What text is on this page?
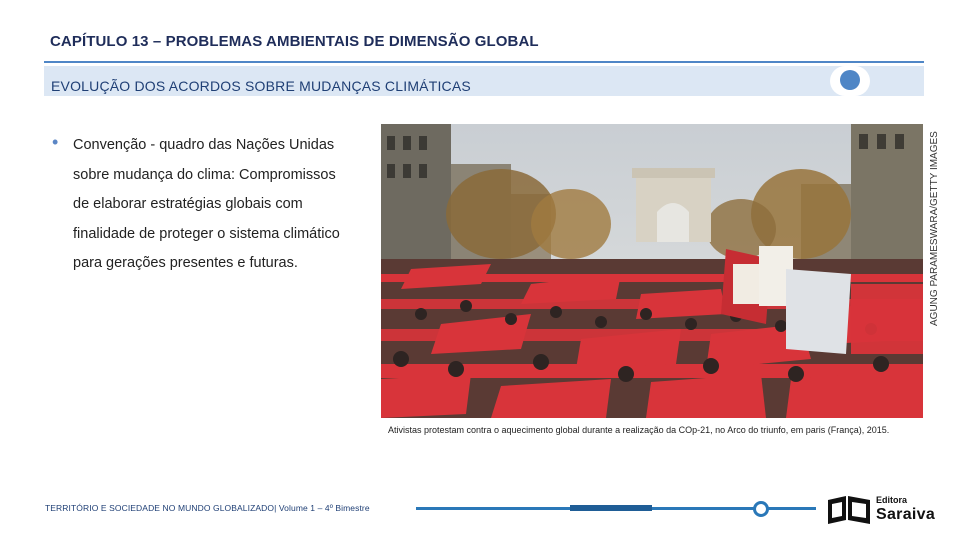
CAPÍTULO 13 – PROBLEMAS AMBIENTAIS DE DIMENSÃO GLOBAL
EVOLUÇÃO DOS ACORDOS SOBRE MUDANÇAS CLIMÁTICAS
• Convenção - quadro das Nações Unidas sobre mudança do clima: Compromissos de elaborar estratégias globais com finalidade de proteger o sistema climático para gerações presentes e futuras.	AGUNG PARAMESWARA/GETTY IMAGES
Ativistas protestam contra o aquecimento global durante a realização da COp-21, no Arco do triunfo, em paris (França), 2015.
TERRITÓRIO E SOCIEDADE NO MUNDO GLOBALIZADO| Volume 1 – 4º Bimestre
Editora
Saraiva
